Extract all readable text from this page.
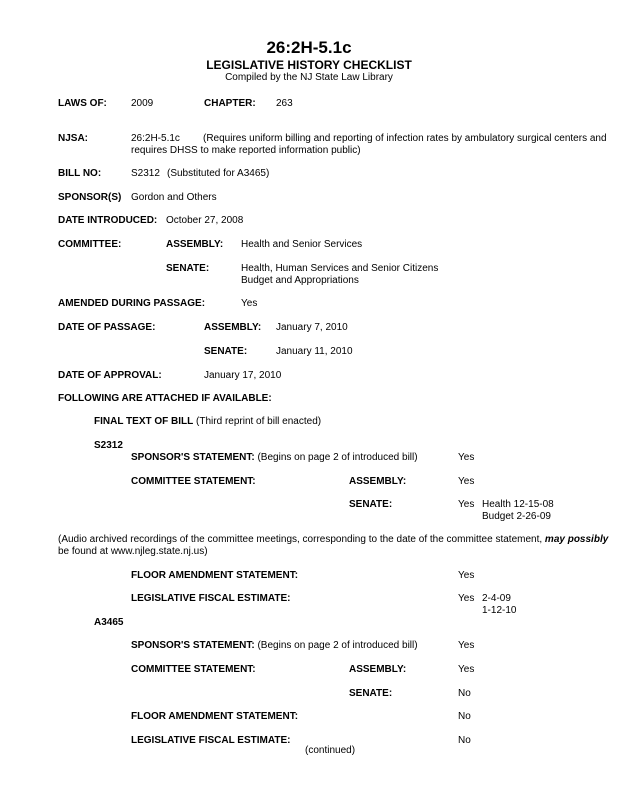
26:2H-5.1c
LEGISLATIVE HISTORY CHECKLIST
Compiled by the NJ State Law Library
LAWS OF: 2009	CHAPTER: 263
NJSA:	26:2H-5.1c (Requires uniform billing and reporting of infection rates by ambulatory surgical centers and
requires DHSS to make reported information public)
BILL NO:	S2312 (Substituted for A3465)
SPONSOR(S) Gordon and Others
DATE INTRODUCED: October 27, 2008
COMMITTEE:	ASSEMBLY: Health and Senior Services
SENATE:	Health, Human Services and Senior Citizens
Budget and Appropriations
AMENDED DURING PASSAGE:	Yes
DATE OF PASSAGE:	ASSEMBLY: January 7, 2010
SENATE:	January 11, 2010
DATE OF APPROVAL:	January 17, 2010
FOLLOWING ARE ATTACHED IF AVAILABLE:
FINAL TEXT OF BILL (Third reprint of bill enacted)
S2312
SPONSOR'S STATEMENT: (Begins on page 2 of introduced bill)	Yes
COMMITTEE STATEMENT:	ASSEMBLY:	Yes
SENATE:	Yes Health 12-15-08
Budget 2-26-09
(Audio archived recordings of the committee meetings, corresponding to the date of the committee statement, may possibly
be found at www.njleg.state.nj.us)
FLOOR AMENDMENT STATEMENT:	Yes
LEGISLATIVE FISCAL ESTIMATE:	Yes 2-4-09
1-12-10
A3465
SPONSOR'S STATEMENT: (Begins on page 2 of introduced bill)	Yes
COMMITTEE STATEMENT:	ASSEMBLY:	Yes
SENATE:	No
FLOOR AMENDMENT STATEMENT:	No
LEGISLATIVE FISCAL ESTIMATE:	No
(continued)
